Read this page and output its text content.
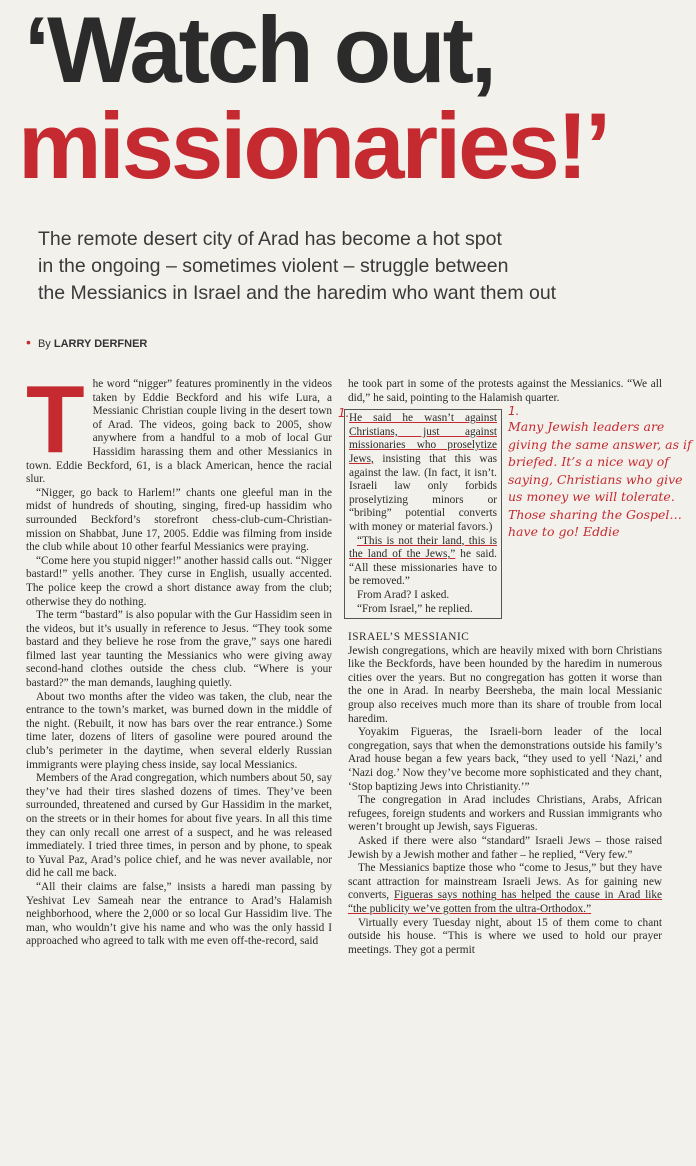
‘Watch out,
missionaries!’
The remote desert city of Arad has become a hot spot
in the ongoing – sometimes violent – struggle between
the Messianics in Israel and the haredim who want them out
• By LARRY DERFNER
T he word “nigger” features prominently in the videos taken by Eddie Beckford and his wife Lura, a Messianic Christian couple living in the desert town of Arad. The videos, going back to 2005, show anywhere from a handful to a mob of local Gur Hassidim harassing them and other Messianics in town. Eddie Beckford, 61, is a black American, hence the racial slur.

“Nigger, go back to Harlem!” chants one gleeful man in the midst of hundreds of shouting, singing, fired-up hassidim who surrounded Beckford’s storefront chess-club-cum-Christian-mission on Shabbat, June 17, 2005. Eddie was filming from inside the club while about 10 other fearful Messianics were praying.

“Come here you stupid nigger!” another hassid calls out. “Nigger bastard!” yells another. They curse in English, usually accented. The police keep the crowd a short distance away from the club; otherwise they do nothing.

The term “bastard” is also popular with the Gur Hassidim seen in the videos, but it’s usually in reference to Jesus. “They took some bastard and they believe he rose from the grave,” says one haredi filmed last year taunting the Messianics who were giving away second-hand clothes outside the chess club. “Where is your bastard?” the man demands, laughing quietly.

About two months after the video was taken, the club, near the entrance to the town’s market, was burned down in the middle of the night. (Rebuilt, it now has bars over the rear entrance.) Some time later, dozens of liters of gasoline were poured around the club’s perimeter in the daytime, when several elderly Russian immigrants were playing chess inside, say local Messianics.

Members of the Arad congregation, which numbers about 50, say they’ve had their tires slashed dozens of times. They’ve been surrounded, threatened and cursed by Gur Hassidim in the market, on the streets or in their homes for about five years. In all this time they can only recall one arrest of a suspect, and he was released immediately. I tried three times, in person and by phone, to speak to Yuval Paz, Arad’s police chief, and he was never available, nor did he call me back.

“All their claims are false,” insists a haredi man passing by Yeshivat Lev Sameah near the entrance to Arad’s Halamish neighborhood, where the 2,000 or so local Gur Hassidim live. The man, who wouldn’t give his name and who was the only hassid I approached who agreed to talk with me even off-the-record, said

he took part in some of the protests against the Messianics. “We all did,” he said, pointing to the Halamish quarter.

He said he wasn’t against Christians, just against missionaries who proselytize Jews, insisting that this was against the law. (In fact, it isn’t. Israeli law only forbids proselytizing minors or “bribing” potential converts with money or material favors.)

“This is not their land, this is the land of the Jews,” he said. “All these missionaries have to be removed.”

From Arad? I asked.

“From Israel,” he replied.

ISRAEL’S MESSIANIC

Jewish congregations, which are heavily mixed with born Christians like the Beckfords, have been hounded by the haredim in numerous cities over the years. But no congregation has gotten it worse than the one in Arad. In nearby Beersheba, the main local Messianic group also receives much more than its share of trouble from local haredim.

Yoyakim Figueras, the Israeli-born leader of the local congregation, says that when the demonstrations outside his family’s Arad house began a few years back, “they used to yell ‘Nazi,’ and ‘Nazi dog.’ Now they’ve become more sophisticated and they chant, ‘Stop baptizing Jews into Christianity.’”

The congregation in Arad includes Christians, Arabs, African refugees, foreign students and workers and Russian immigrants who weren’t brought up Jewish, says Figueras.

Asked if there were also “standard” Israeli Jews – those raised Jewish by a Jewish mother and father – he replied, “Very few.”

The Messianics baptize those who “come to Jesus,” but they have scant attraction for mainstream Israeli Jews. As for gaining new converts, Figueras says nothing has helped the cause in Arad like “the publicity we’ve gotten from the ultra-Orthodox.”

Virtually every Tuesday night, about 15 of them come to chant outside his house. “This is where we used to hold our prayer meetings. They got a permit

1.	1.
Many Jewish leaders are giving the same answer, as if briefed. It’s a nice way of saying, Christians who give us money we will tolerate. Those sharing the Gospel… have to go! Eddie
